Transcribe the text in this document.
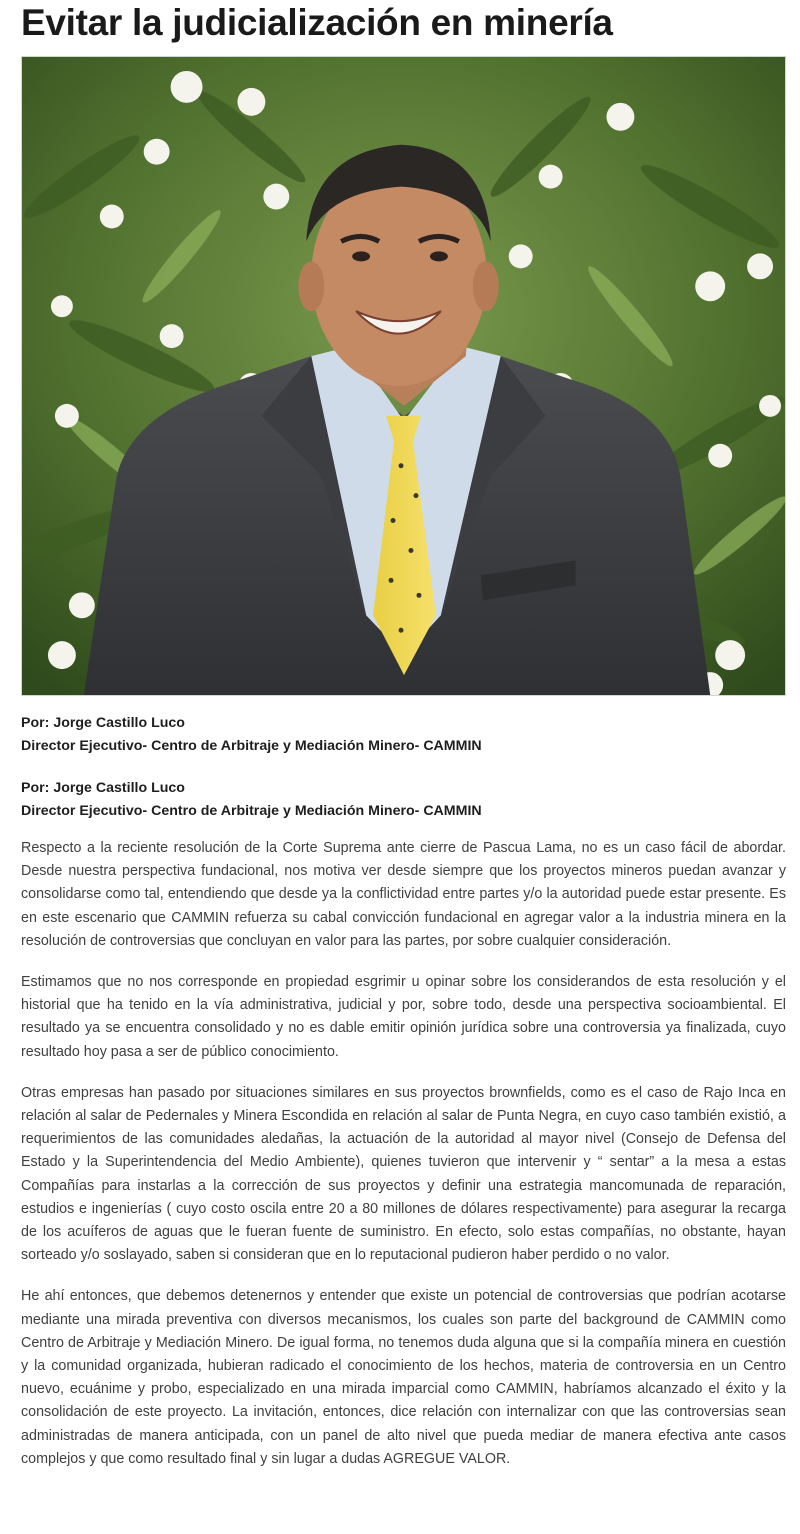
Evitar la judicialización en minería
Por: Jorge Castillo Luco
Director Ejecutivo- Centro de Arbitraje y Mediación Minero- CAMMIN
Por: Jorge Castillo Luco
Director Ejecutivo- Centro de Arbitraje y Mediación Minero- CAMMIN

Respecto a la reciente resolución de la Corte Suprema ante cierre de Pascua Lama, no es un caso fácil de abordar. Desde nuestra perspectiva fundacional, nos motiva ver desde siempre que los proyectos mineros puedan avanzar y consolidarse como tal, entendiendo que desde ya la conflictividad entre partes y/o la autoridad puede estar presente. Es en este escenario que CAMMIN refuerza su cabal convicción fundacional en agregar valor a la industria minera en la resolución de controversias que concluyan en valor para las partes, por sobre cualquier consideración.

Estimamos que no nos corresponde en propiedad esgrimir u opinar sobre los considerandos de esta resolución y el historial que ha tenido en la vía administrativa, judicial y por, sobre todo, desde una perspectiva socioambiental. El resultado ya se encuentra consolidado y no es dable emitir opinión jurídica sobre una controversia ya finalizada, cuyo resultado hoy pasa a ser de público conocimiento.

Otras empresas han pasado por situaciones similares en sus proyectos brownfields, como es el caso de Rajo Inca en relación al salar de Pedernales y Minera Escondida en relación al salar de Punta Negra, en cuyo caso también existió, a requerimientos de las comunidades aledañas, la actuación de la autoridad al mayor nivel (Consejo de Defensa del Estado y la Superintendencia del Medio Ambiente), quienes tuvieron que intervenir y “ sentar” a la mesa a estas Compañías para instarlas a la corrección de sus proyectos y definir una estrategia mancomunada de reparación, estudios e ingenierías ( cuyo costo oscila entre 20 a 80 millones de dólares respectivamente) para asegurar la recarga de los acuíferos de aguas que le fueran fuente de suministro. En efecto, solo estas compañías, no obstante, hayan sorteado y/o soslayado, saben si consideran que en lo reputacional pudieron haber perdido o no valor.

He ahí entonces, que debemos detenernos y entender que existe un potencial de controversias que podrían acotarse mediante una mirada preventiva con diversos mecanismos, los cuales son parte del background de CAMMIN como Centro de Arbitraje y Mediación Minero. De igual forma, no tenemos duda alguna que si la compañía minera en cuestión y la comunidad organizada, hubieran radicado el conocimiento de los hechos, materia de controversia en un Centro nuevo, ecuánime y probo, especializado en una mirada imparcial como CAMMIN, habríamos alcanzado el éxito y la consolidación de este proyecto. La invitación, entonces, dice relación con internalizar con que las controversias sean administradas de manera anticipada, con un panel de alto nivel que pueda mediar de manera efectiva ante casos complejos y que como resultado final y sin lugar a dudas AGREGUE VALOR.
